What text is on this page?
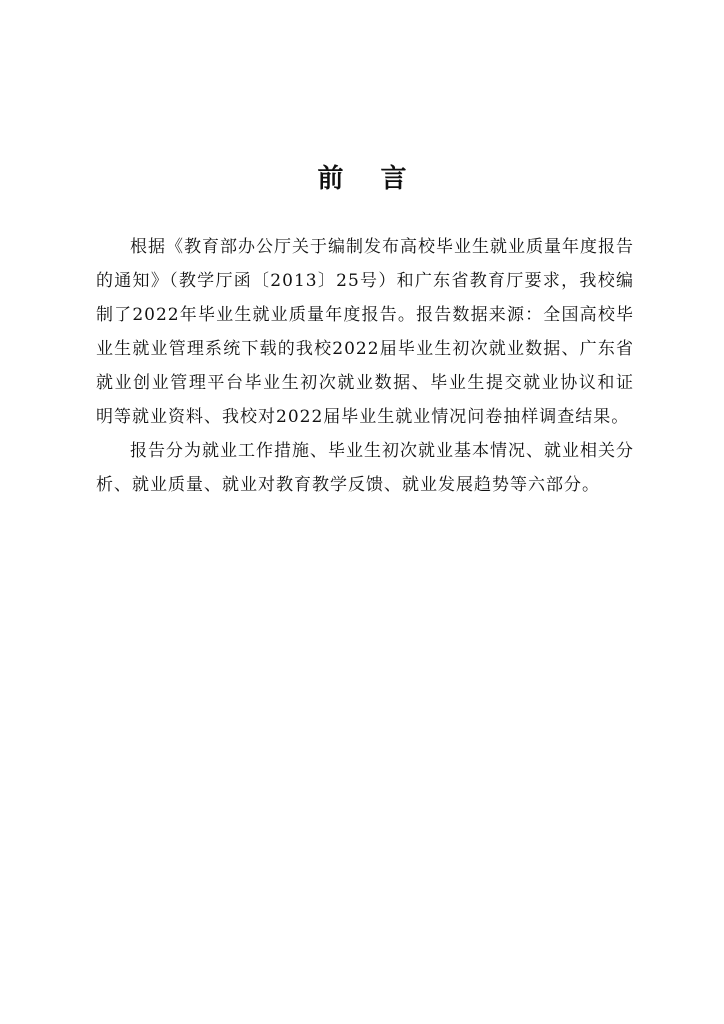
前 言

根据《教育部办公厅关于编制发布高校毕业生就业质量年度报告的通知》（教学厅函〔2013〕25号）和广东省教育厅要求，我校编制了2022年毕业生就业质量年度报告。报告数据来源：全国高校毕业生就业管理系统下载的我校2022届毕业生初次就业数据、广东省就业创业管理平台毕业生初次就业数据、毕业生提交就业协议和证明等就业资料、我校对2022届毕业生就业情况问卷抽样调查结果。

报告分为就业工作措施、毕业生初次就业基本情况、就业相关分析、就业质量、就业对教育教学反馈、就业发展趋势等六部分。
